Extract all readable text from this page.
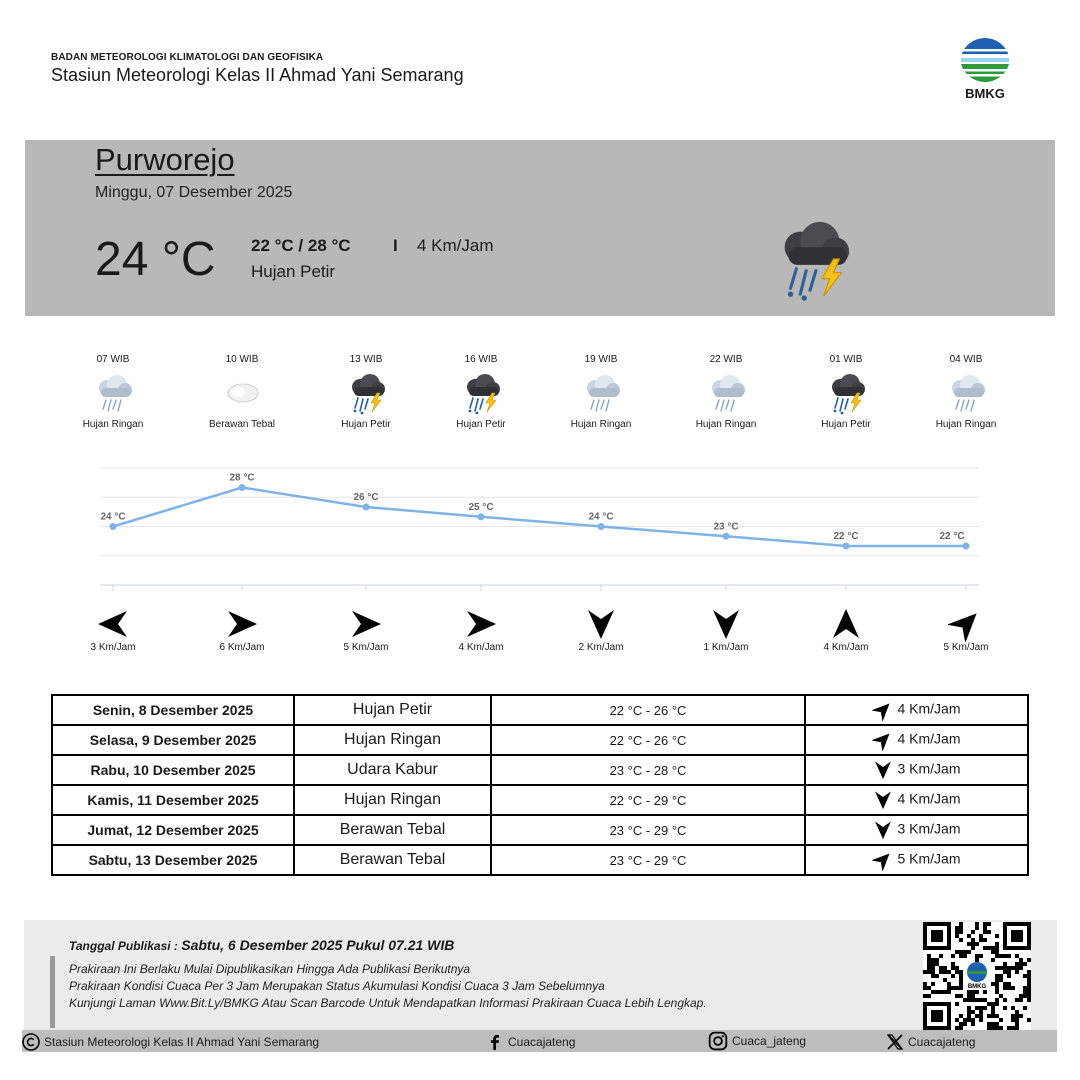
BADAN METEOROLOGI KLIMATOLOGI DAN GEOFISIKA
Stasiun Meteorologi Kelas II Ahmad Yani Semarang
BMKG
Purworejo
Minggu, 07 Desember 2025
24 °C 22 °C / 28 °C I 4 Km/Jam
Hujan Petir
07 WIB
Hujan Ringan
10 WIB
Berawan Tebal
13 WIB
Hujan Petir
16 WIB
Hujan Petir
19 WIB
Hujan Ringan
22 WIB
Hujan Ringan
01 WIB
Hujan Petir
04 WIB
Hujan Ringan
24 °C
28 °C
26 °C
25 °C
24 °C
23 °C
22 °C	22 °C
3 Km/Jam	6 Km/Jam	5 Km/Jam	4 Km/Jam	2 Km/Jam	1 Km/Jam	4 Km/Jam	5 Km/Jam
Senin, 8 Desember 2025	Hujan Petir	22 °C - 26 °C	4 Km/Jam
Selasa, 9 Desember 2025	Hujan Ringan	22 °C - 26 °C	4 Km/Jam
Rabu, 10 Desember 2025	Udara Kabur	23 °C - 28 °C	3 Km/Jam
Kamis, 11 Desember 2025	Hujan Ringan	22 °C - 29 °C	4 Km/Jam
Jumat, 12 Desember 2025	Berawan Tebal	23 °C - 29 °C	3 Km/Jam
Sabtu, 13 Desember 2025	Berawan Tebal	23 °C - 29 °C	5 Km/Jam
Tanggal Publikasi : Sabtu, 6 Desember 2025 Pukul 07.21 WIB
Prakiraan Ini Berlaku Mulai Dipublikasikan Hingga Ada Publikasi Berikutnya
Prakiraan Kondisi Cuaca Per 3 Jam Merupakan Status Akumulasi Kondisi Cuaca 3 Jam Sebelumnya
Kunjungi Laman Www.Bit.Ly/BMKG Atau Scan Barcode Untuk Mendapatkan Informasi Prakiraan Cuaca Lebih Lengkap.
BMKG
Stasiun Meteorologi Kelas II Ahmad Yani Semarang	Cuacajateng	Cuaca_jateng	Cuacajateng
